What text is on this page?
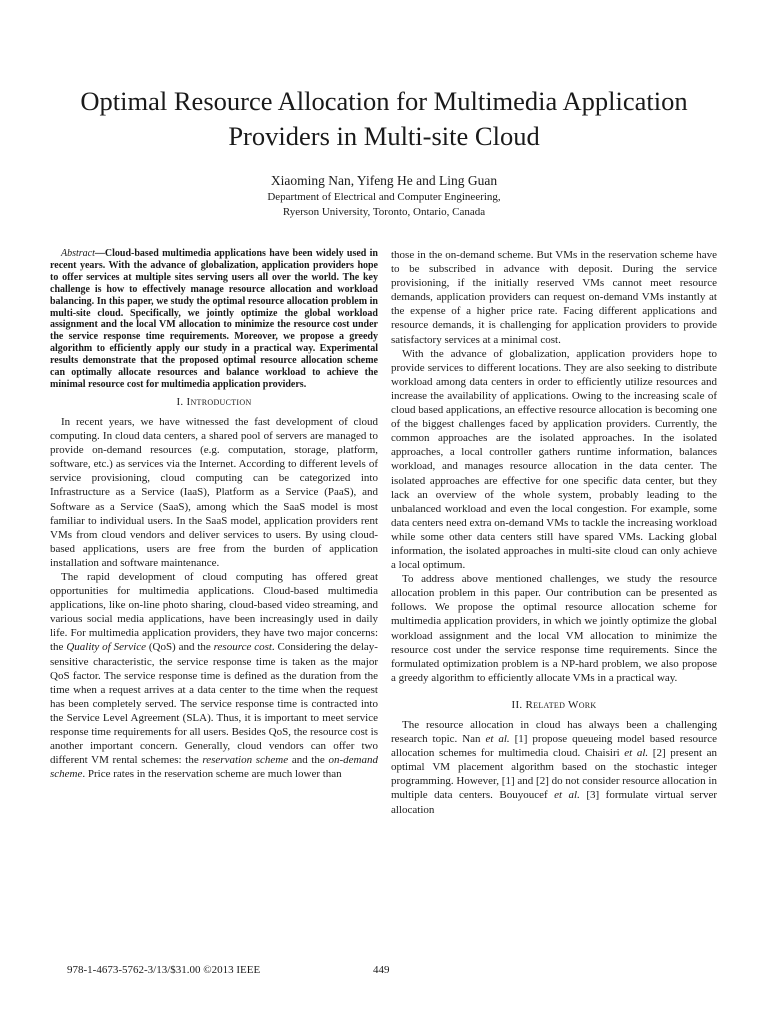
Optimal Resource Allocation for Multimedia Application Providers in Multi-site Cloud
Xiaoming Nan, Yifeng He and Ling Guan
Department of Electrical and Computer Engineering,
Ryerson University, Toronto, Ontario, Canada

Abstract—Cloud-based multimedia applications have been widely used in recent years. With the advance of globalization, application providers hope to offer services at multiple sites serving users all over the world. The key challenge is how to effectively manage resource allocation and workload balancing. In this paper, we study the optimal resource allocation problem in multi-site cloud. Specifically, we jointly optimize the global workload assignment and the local VM allocation to minimize the resource cost under the service response time requirements. Moreover, we propose a greedy algorithm to efficiently apply our study in a practical way. Experimental results demonstrate that the proposed optimal resource allocation scheme can optimally allocate resources and balance workload to achieve the minimal resource cost for multimedia application providers.

I. Introduction

In recent years, we have witnessed the fast development of cloud computing. In cloud data centers, a shared pool of servers are managed to provide on-demand resources (e.g. computation, storage, platform, software, etc.) as services via the Internet. According to different levels of service provisioning, cloud computing can be categorized into Infrastructure as a Service (IaaS), Platform as a Service (PaaS), and Software as a Service (SaaS), among which the SaaS model is most familiar to individual users. In the SaaS model, application providers rent VMs from cloud vendors and deliver services to users. By using cloud-based applications, users are free from the burden of application installation and software maintenance.

The rapid development of cloud computing has offered great opportunities for multimedia applications. Cloud-based multimedia applications, like on-line photo sharing, cloud-based video streaming, and various social media applications, have been increasingly used in daily life. For multimedia application providers, they have two major concerns: the Quality of Service (QoS) and the resource cost. Considering the delay-sensitive characteristic, the service response time is taken as the major QoS factor. The service response time is defined as the duration from the time when a request arrives at a data center to the time when the request has been completely served. The service response time is contracted into the Service Level Agreement (SLA). Thus, it is important to meet service response time requirements for all users. Besides QoS, the resource cost is another important concern. Generally, cloud vendors can offer two different VM rental schemes: the reservation scheme and the on-demand scheme. Price rates in the reservation scheme are much lower than

those in the on-demand scheme. But VMs in the reservation scheme have to be subscribed in advance with deposit. During the service provisioning, if the initially reserved VMs cannot meet resource demands, application providers can request on-demand VMs instantly at the expense of a higher price rate. Facing different applications and resource demands, it is challenging for application providers to provide satisfactory services at a minimal cost.

With the advance of globalization, application providers hope to provide services to different locations. They are also seeking to distribute workload among data centers in order to efficiently utilize resources and increase the availability of applications. Owing to the increasing scale of cloud based applications, an effective resource allocation is becoming one of the biggest challenges faced by application providers. Currently, the common approaches are the isolated approaches. In the isolated approaches, a local controller gathers runtime information, balances workload, and manages resource allocation in the data center. The isolated approaches are effective for one specific data center, but they lack an overview of the whole system, probably leading to the unbalanced workload and even the local congestion. For example, some data centers need extra on-demand VMs to tackle the increasing workload while some other data centers still have spared VMs. Lacking global information, the isolated approaches in multi-site cloud can only achieve a local optimum.

To address above mentioned challenges, we study the resource allocation problem in this paper. Our contribution can be presented as follows. We propose the optimal resource allocation scheme for multimedia application providers, in which we jointly optimize the global workload assignment and the local VM allocation to minimize the resource cost under the service response time requirements. Since the formulated optimization problem is a NP-hard problem, we also propose a greedy algorithm to efficiently allocate VMs in a practical way.

II. Related Work

The resource allocation in cloud has always been a challenging research topic. Nan et al. [1] propose queueing model based resource allocation schemes for multimedia cloud. Chaisiri et al. [2] present an optimal VM placement algorithm based on the stochastic integer programming. However, [1] and [2] do not consider resource allocation in multiple data centers. Bouyoucef et al. [3] formulate virtual server allocation

978-1-4673-5762-3/13/$31.00 ©2013 IEEE	449
